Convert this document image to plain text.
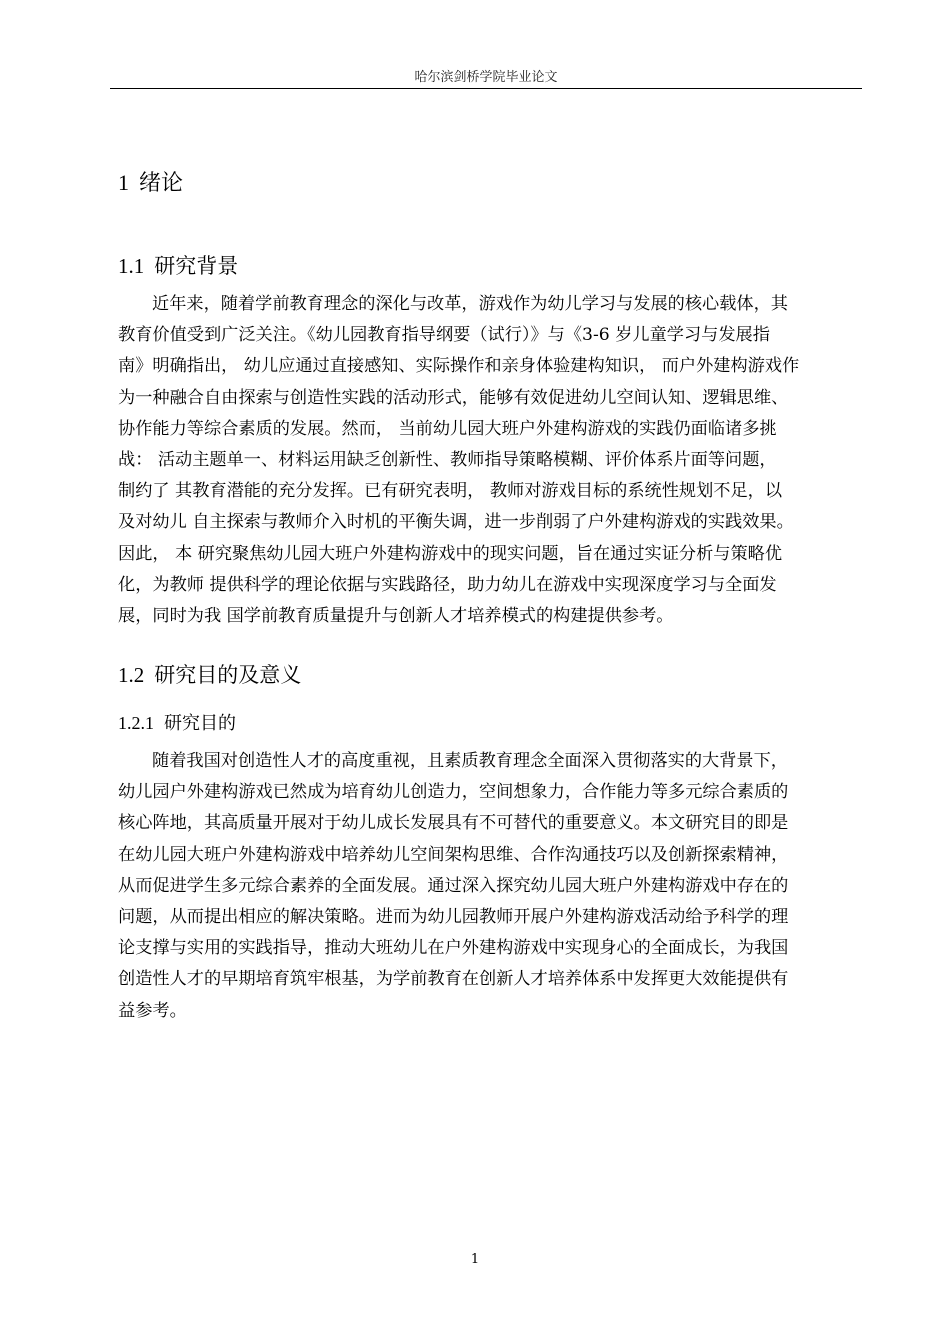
哈尔滨剑桥学院毕业论文
1 绪论
1.1 研究背景
近年来，随着学前教育理念的深化与改革，游戏作为幼儿学习与发展的核心载体，其
教育价值受到广泛关注。《幼儿园教育指导纲要（试行）》与《3-6 岁儿童学习与发展指
南》明确指出， 幼儿应通过直接感知、实际操作和亲身体验建构知识， 而户外建构游戏作
为一种融合自由探索与创造性实践的活动形式，能够有效促进幼儿空间认知、逻辑思维、
协作能力等综合素质的发展。然而， 当前幼儿园大班户外建构游戏的实践仍面临诸多挑
战： 活动主题单一、材料运用缺乏创新性、教师指导策略模糊、评价体系片面等问题，
制约了 其教育潜能的充分发挥。已有研究表明， 教师对游戏目标的系统性规划不足，以
及对幼儿 自主探索与教师介入时机的平衡失调，进一步削弱了户外建构游戏的实践效果。
因此， 本 研究聚焦幼儿园大班户外建构游戏中的现实问题，旨在通过实证分析与策略优
化，为教师 提供科学的理论依据与实践路径，助力幼儿在游戏中实现深度学习与全面发
展，同时为我 国学前教育质量提升与创新人才培养模式的构建提供参考。
1.2 研究目的及意义
1.2.1 研究目的
随着我国对创造性人才的高度重视，且素质教育理念全面深入贯彻落实的大背景下，
幼儿园户外建构游戏已然成为培育幼儿创造力，空间想象力，合作能力等多元综合素质的
核心阵地，其高质量开展对于幼儿成长发展具有不可替代的重要意义。本文研究目的即是
在幼儿园大班户外建构游戏中培养幼儿空间架构思维、合作沟通技巧以及创新探索精神，
从而促进学生多元综合素养的全面发展。通过深入探究幼儿园大班户外建构游戏中存在的
问题，从而提出相应的解决策略。进而为幼儿园教师开展户外建构游戏活动给予科学的理
论支撑与实用的实践指导，推动大班幼儿在户外建构游戏中实现身心的全面成长，为我国
创造性人才的早期培育筑牢根基，为学前教育在创新人才培养体系中发挥更大效能提供有
益参考。
1
